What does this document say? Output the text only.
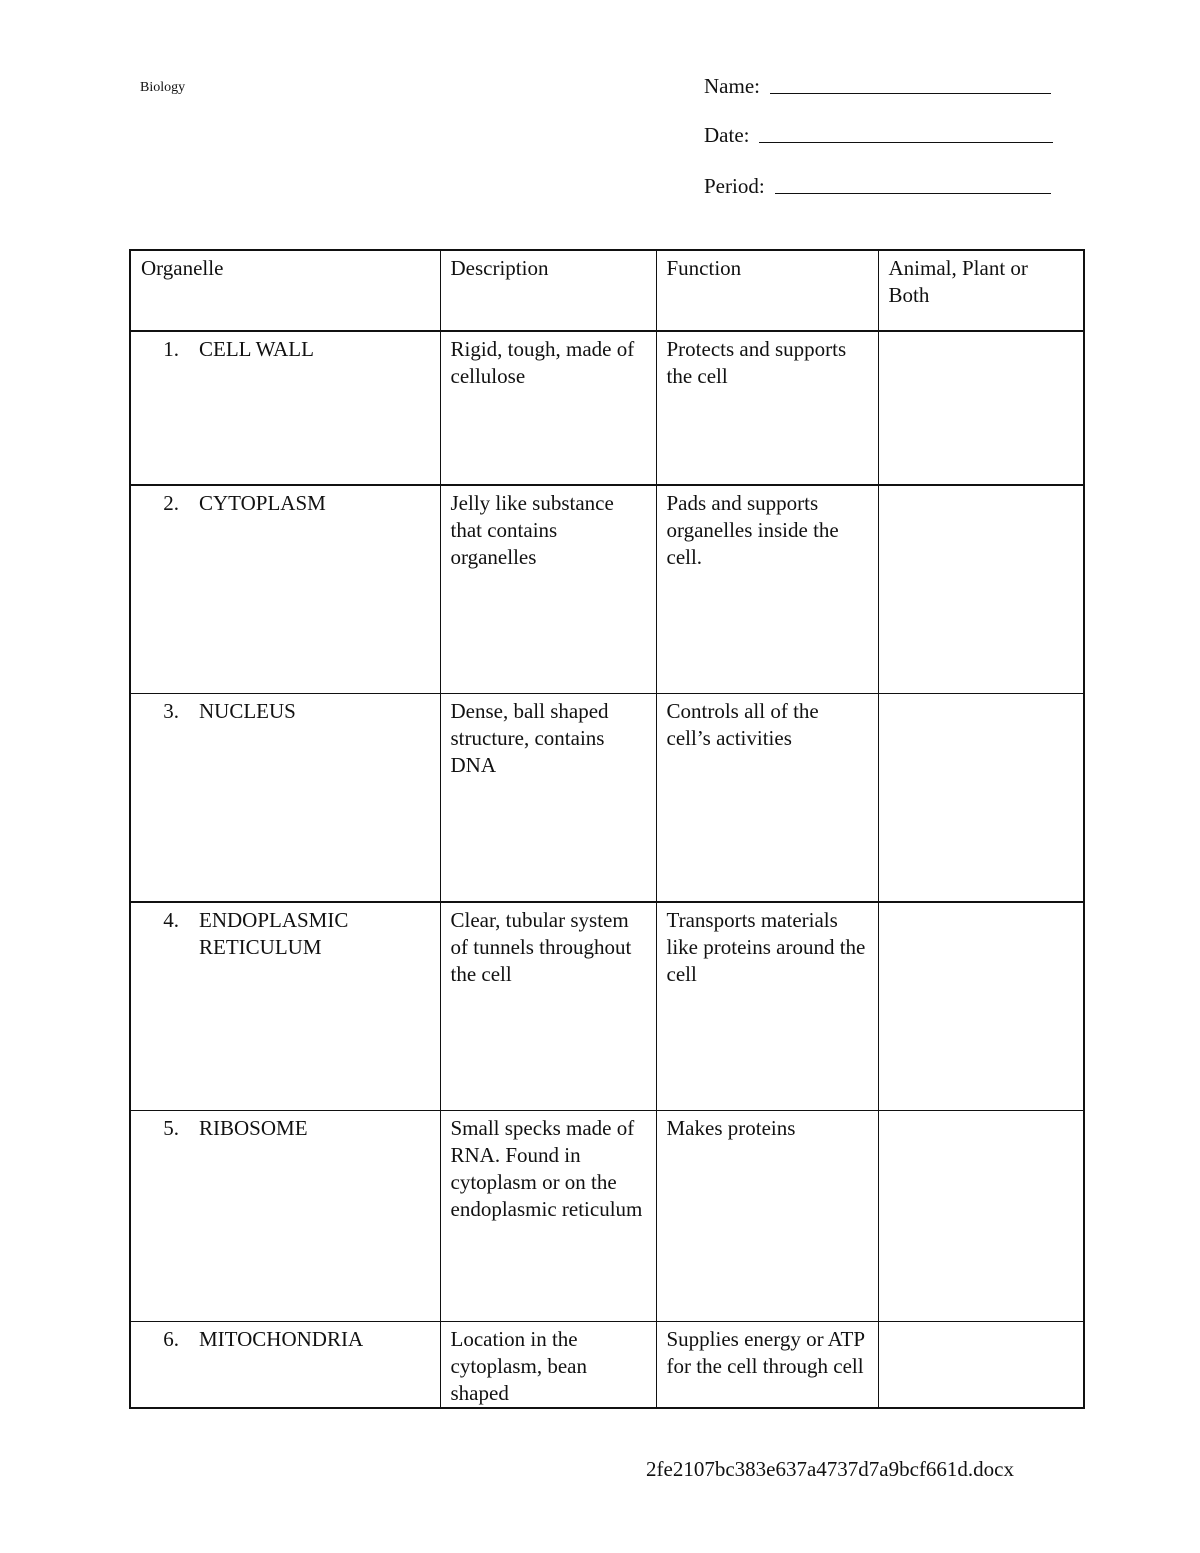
Biology	Name:
Date:
Period:
Organelle	Description	Function	Animal, Plant or Both

1. CELL WALL	Rigid, tough, made of cellulose	Protects and supports the cell	

2. CYTOPLASM	Jelly like substance that contains organelles	Pads and supports organelles inside the cell.	

3. NUCLEUS	Dense, ball shaped structure, contains DNA	Controls all of the cell’s activities	

4. ENDOPLASMIC RETICULUM	Clear, tubular system of tunnels throughout the cell	Transports materials like proteins around the cell	

5. RIBOSOME	Small specks made of RNA. Found in cytoplasm or on the endoplasmic reticulum	Makes proteins	

6. MITOCHONDRIA	Location in the cytoplasm, bean shaped	Supplies energy or ATP for the cell through cell	
2fe2107bc383e637a4737d7a9bcf661d.docx
